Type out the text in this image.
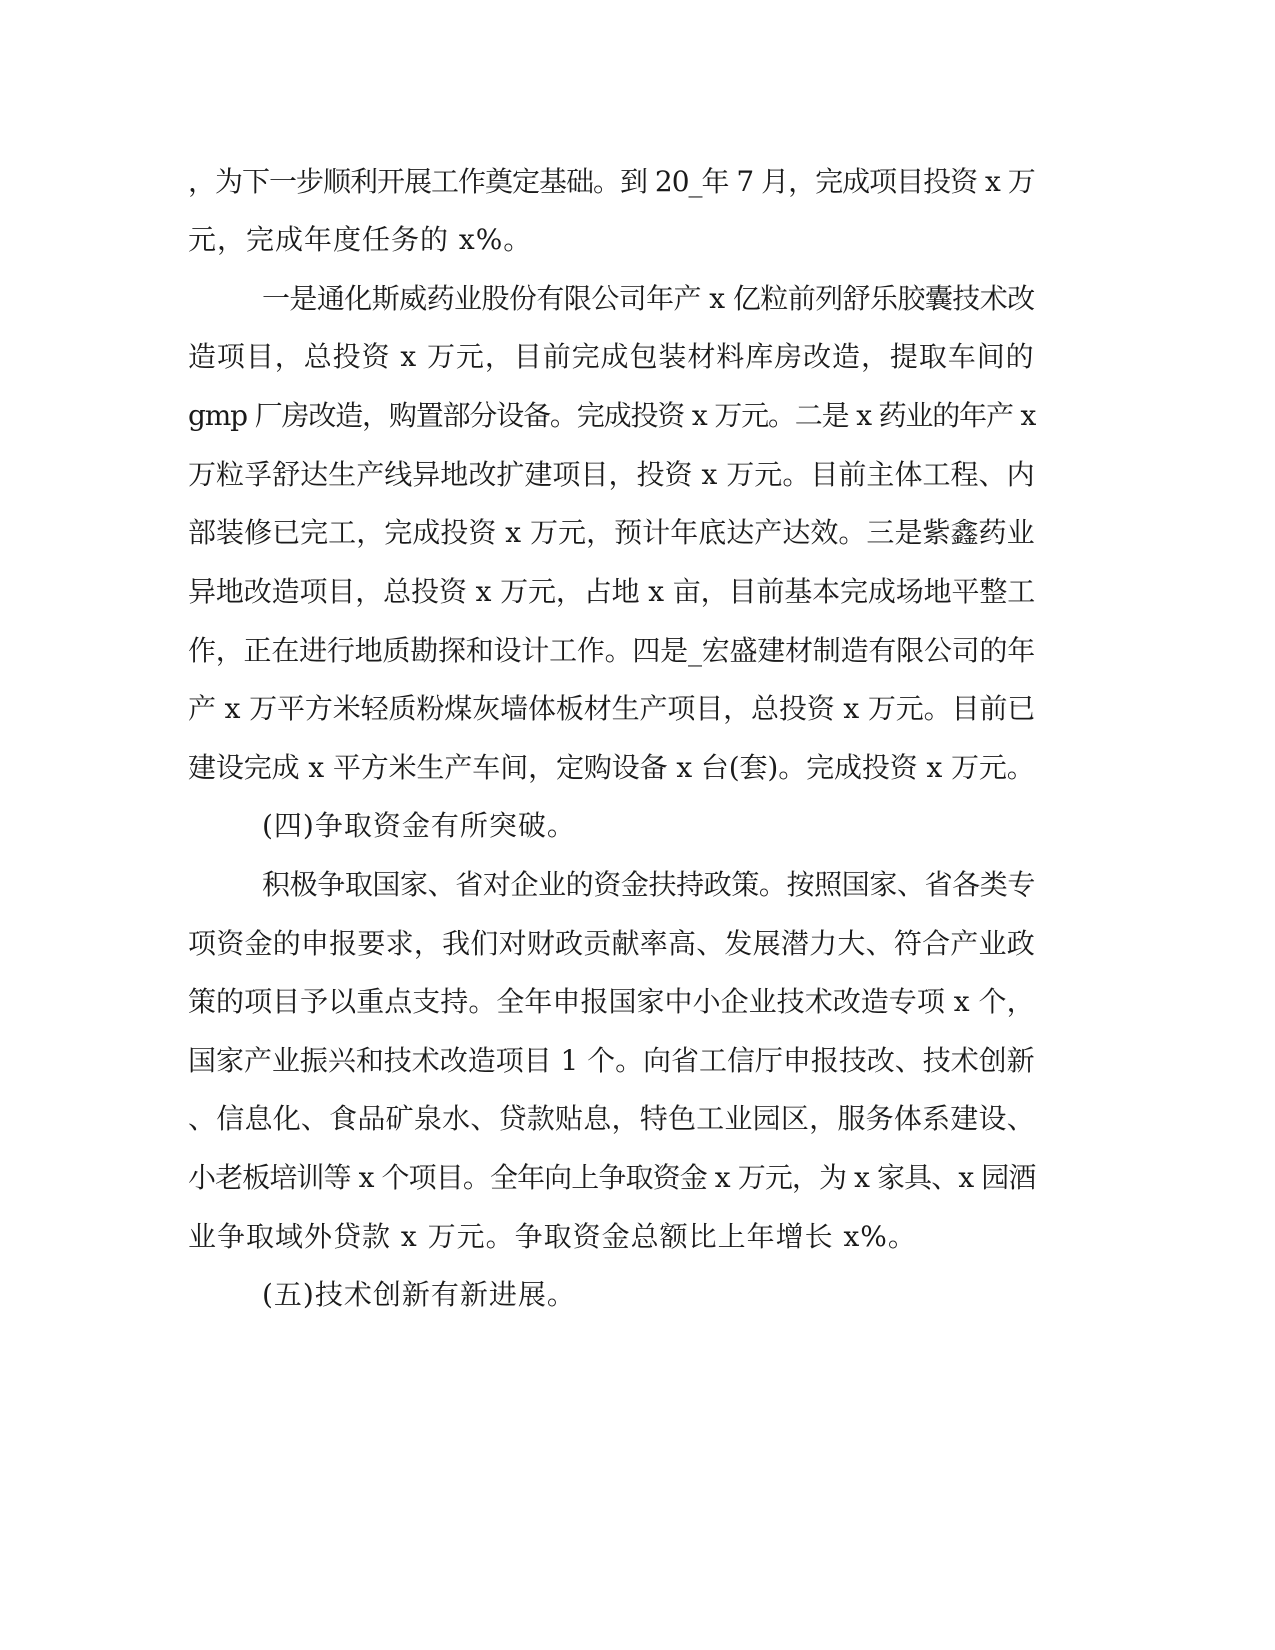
，为下一步顺利开展工作奠定基础。到 20_年 7 月，完成项目投资 x 万
元，完成年度任务的 x%。
一是通化斯威药业股份有限公司年产 x 亿粒前列舒乐胶囊技术改
造项目，总投资 x 万元，目前完成包装材料库房改造，提取车间的
gmp 厂房改造，购置部分设备。完成投资 x 万元。二是 x 药业的年产 x
万粒孚舒达生产线异地改扩建项目，投资 x 万元。目前主体工程、内
部装修已完工，完成投资 x 万元，预计年底达产达效。三是紫鑫药业
异地改造项目，总投资 x 万元，占地 x 亩，目前基本完成场地平整工
作，正在进行地质勘探和设计工作。四是_宏盛建材制造有限公司的年
产 x 万平方米轻质粉煤灰墙体板材生产项目，总投资 x 万元。目前已
建设完成 x 平方米生产车间，定购设备 x 台(套)。完成投资 x 万元。
(四)争取资金有所突破。
积极争取国家、省对企业的资金扶持政策。按照国家、省各类专
项资金的申报要求，我们对财政贡献率高、发展潜力大、符合产业政
策的项目予以重点支持。全年申报国家中小企业技术改造专项 x 个，
国家产业振兴和技术改造项目 1 个。向省工信厅申报技改、技术创新
、信息化、食品矿泉水、贷款贴息，特色工业园区，服务体系建设、
小老板培训等 x 个项目。全年向上争取资金 x 万元，为 x 家具、x 园酒
业争取域外贷款 x 万元。争取资金总额比上年增长 x%。
(五)技术创新有新进展。
